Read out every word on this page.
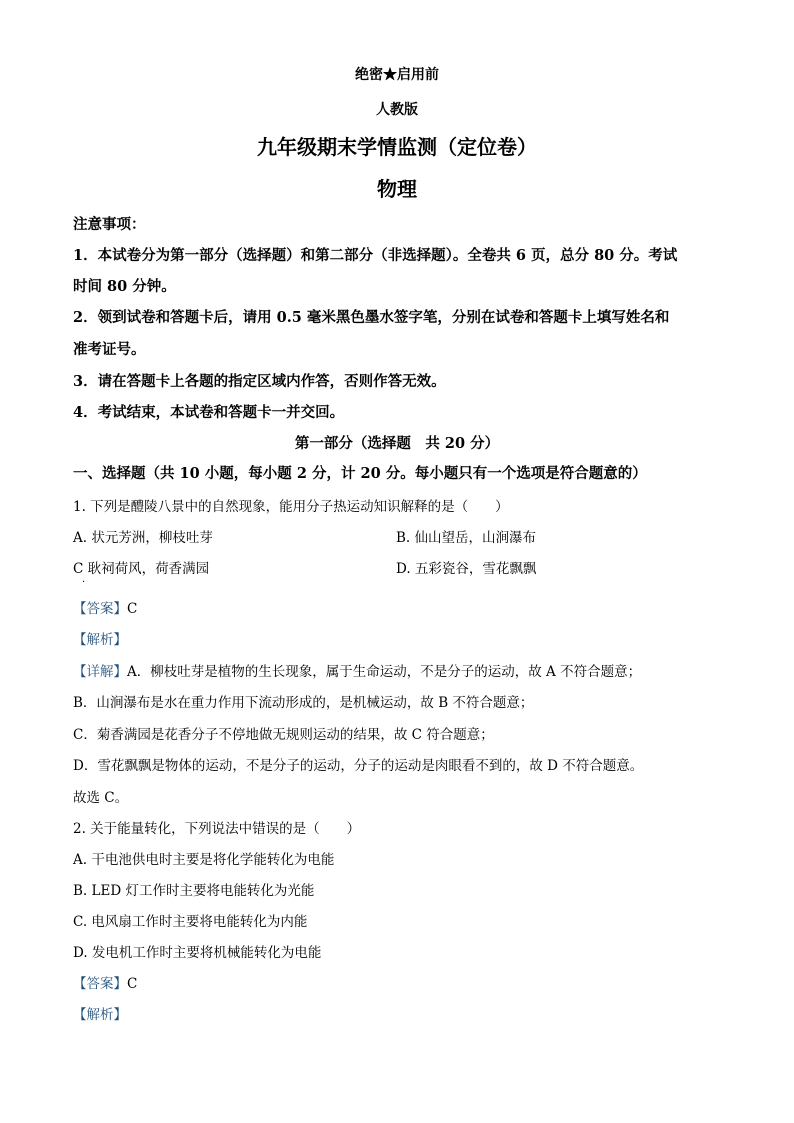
绝密★启用前
人教版
九年级期末学情监测（定位卷）
物理
注意事项：
1．本试卷分为第一部分（选择题）和第二部分（非选择题）。全卷共 6 页，总分 80 分。考试
时间 80 分钟。
2．领到试卷和答题卡后，请用 0.5 毫米黑色墨水签字笔，分别在试卷和答题卡上填写姓名和
准考证号。
3．请在答题卡上各题的指定区域内作答，否则作答无效。
4．考试结束，本试卷和答题卡一并交回。
第一部分（选择题　共 20 分）
一、选择题（共 10 小题，每小题 2 分，计 20 分。每小题只有一个选项是符合题意的）
1. 下列是醴陵八景中的自然现象，能用分子热运动知识解释的是（　　）
A. 状元芳洲，柳枝吐芽	B. 仙山望岳，山涧瀑布
C 耿祠荷风，荷香满园	D. 五彩瓷谷，雪花飘飘
·
【答案】C
【解析】
【详解】A．柳枝吐芽是植物的生长现象，属于生命运动，不是分子的运动，故 A 不符合题意；
B．山涧瀑布是水在重力作用下流动形成的，是机械运动，故 B 不符合题意；
C．菊香满园是花香分子不停地做无规则运动的结果，故 C 符合题意；
D．雪花飘飘是物体的运动，不是分子的运动，分子的运动是肉眼看不到的，故 D 不符合题意。
故选 C。
2. 关于能量转化，下列说法中错误的是（　　）
A. 干电池供电时主要是将化学能转化为电能
B. LED 灯工作时主要将电能转化为光能
C. 电风扇工作时主要将电能转化为内能
D. 发电机工作时主要将机械能转化为电能
【答案】C
【解析】
